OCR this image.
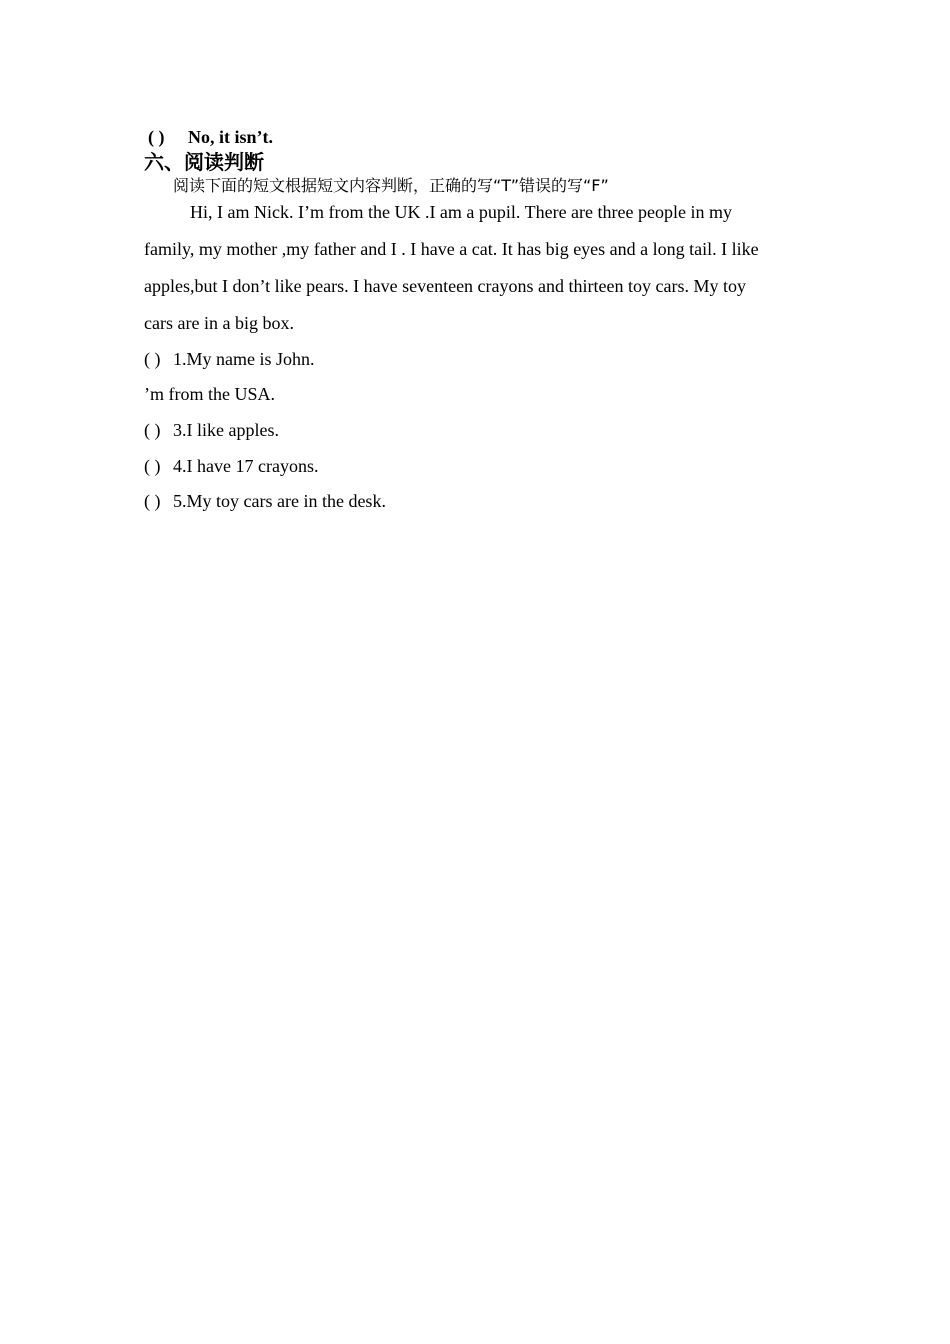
( ) No, it isn’t.
六、阅读判断
阅读下面的短文根据短文内容判断，正确的写“T”错误的写“F”
Hi, I am Nick. I’m from the UK .I am a pupil. There are three people in my
family, my mother ,my father and I . I have a cat. It has big eyes and a long tail. I like
apples,but I don’t like pears. I have seventeen crayons and thirteen toy cars. My toy
cars are in a big box.
( ) 1.My name is John.
’m from the USA.
( ) 3.I like apples.
( ) 4.I have 17 crayons.
( ) 5.My toy cars are in the desk.
